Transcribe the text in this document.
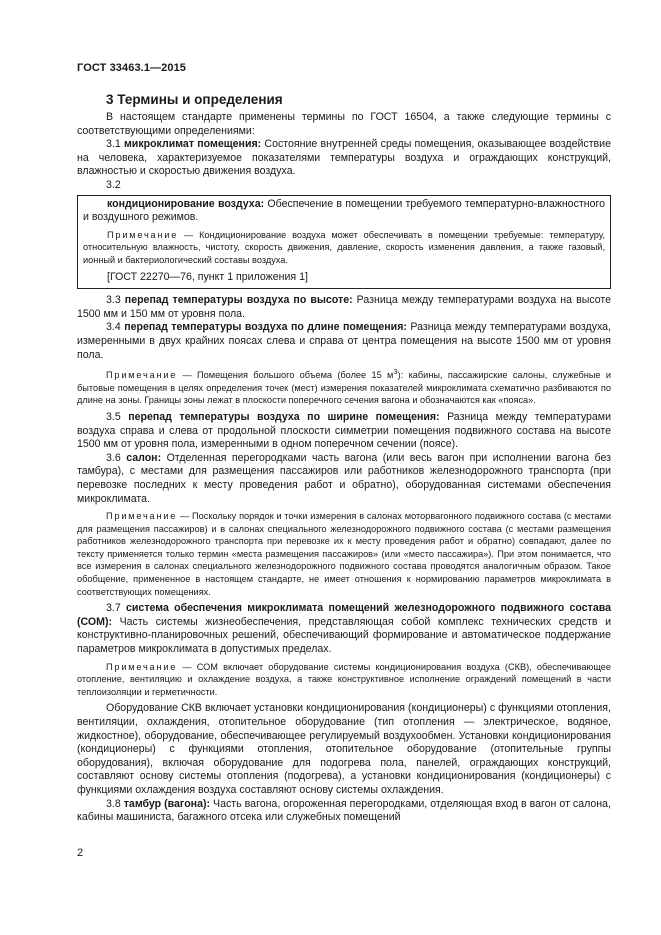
ГОСТ 33463.1—2015
3 Термины и определения

В настоящем стандарте применены термины по ГОСТ 16504, а также следующие термины с соответствующими определениями:

3.1 микроклимат помещения: Состояние внутренней среды помещения, оказывающее воздействие на человека, характеризуемое показателями температуры воздуха и ограждающих конструкций, влажностью и скоростью движения воздуха.

3.2

кондиционирование воздуха: Обеспечение в помещении требуемого температурно-влажностного и воздушного режимов.

Примечание — Кондиционирование воздуха может обеспечивать в помещении требуемые: температуру, относительную влажность, чистоту, скорость движения, давление, скорость изменения давления, а также газовый, ионный и бактериологический составы воздуха.

[ГОСТ 22270—76, пункт 1 приложения 1]

3.3 перепад температуры воздуха по высоте: Разница между температурами воздуха на высоте 1500 мм и 150 мм от уровня пола.

3.4 перепад температуры воздуха по длине помещения: Разница между температурами воздуха, измеренными в двух крайних поясах слева и справа от центра помещения на высоте 1500 мм от уровня пола.

Примечание — Помещения большого объема (более 15 $м^3$): кабины, пассажирские салоны, служебные и бытовые помещения в целях определения точек (мест) измерения показателей микроклимата схематично разбиваются по длине на зоны. Границы зоны лежат в плоскости поперечного сечения вагона и обозначаются как «пояса».

3.5 перепад температуры воздуха по ширине помещения: Разница между температурами воздуха справа и слева от продольной плоскости симметрии помещения подвижного состава на высоте 1500 мм от уровня пола, измеренными в одном поперечном сечении (поясе).

3.6 салон: Отделенная перегородками часть вагона (или весь вагон при исполнении вагона без тамбура), с местами для размещения пассажиров или работников железнодорожного транспорта (при перевозке последних к месту проведения работ и обратно), оборудованная системами обеспечения микроклимата.

Примечание — Поскольку порядок и точки измерения в салонах моторвагонного подвижного состава (с местами для размещения пассажиров) и в салонах специального железнодорожного подвижного состава (с местами размещения работников железнодорожного транспорта при перевозке их к месту проведения работ и обратно) совпадают, далее по тексту применяется только термин «места размещения пассажиров» (или «место пассажира»). При этом понимается, что все измерения в салонах специального железнодорожного подвижного состава проводятся аналогичным образом. Такое обобщение, примененное в настоящем стандарте, не имеет отношения к нормированию параметров микроклимата в соответствующих помещениях.

3.7 система обеспечения микроклимата помещений железнодорожного подвижного состава (СОМ): Часть системы жизнеобеспечения, представляющая собой комплекс технических средств и конструктивно-планировочных решений, обеспечивающий формирование и автоматическое поддержание параметров микроклимата в допустимых пределах.

Примечание — СОМ включает оборудование системы кондиционирования воздуха (СКВ), обеспечивающее отопление, вентиляцию и охлаждение воздуха, а также конструктивное исполнение ограждений помещений в части теплоизоляции и герметичности.

Оборудование СКВ включает установки кондиционирования (кондиционеры) с функциями отопления, вентиляции, охлаждения, отопительное оборудование (тип отопления — электрическое, водяное, жидкостное), оборудование, обеспечивающее регулируемый воздухообмен. Установки кондиционирования (кондиционеры) с функциями отопления, отопительное оборудование (отопительные группы оборудования), включая оборудование для подогрева пола, панелей, ограждающих конструкций, составляют основу системы отопления (подогрева), а установки кондиционирования (кондиционеры) с функциями охлаждения воздуха составляют основу системы охлаждения.

3.8 тамбур (вагона): Часть вагона, огороженная перегородками, отделяющая вход в вагон от салона, кабины машиниста, багажного отсека или служебных помещений

2
